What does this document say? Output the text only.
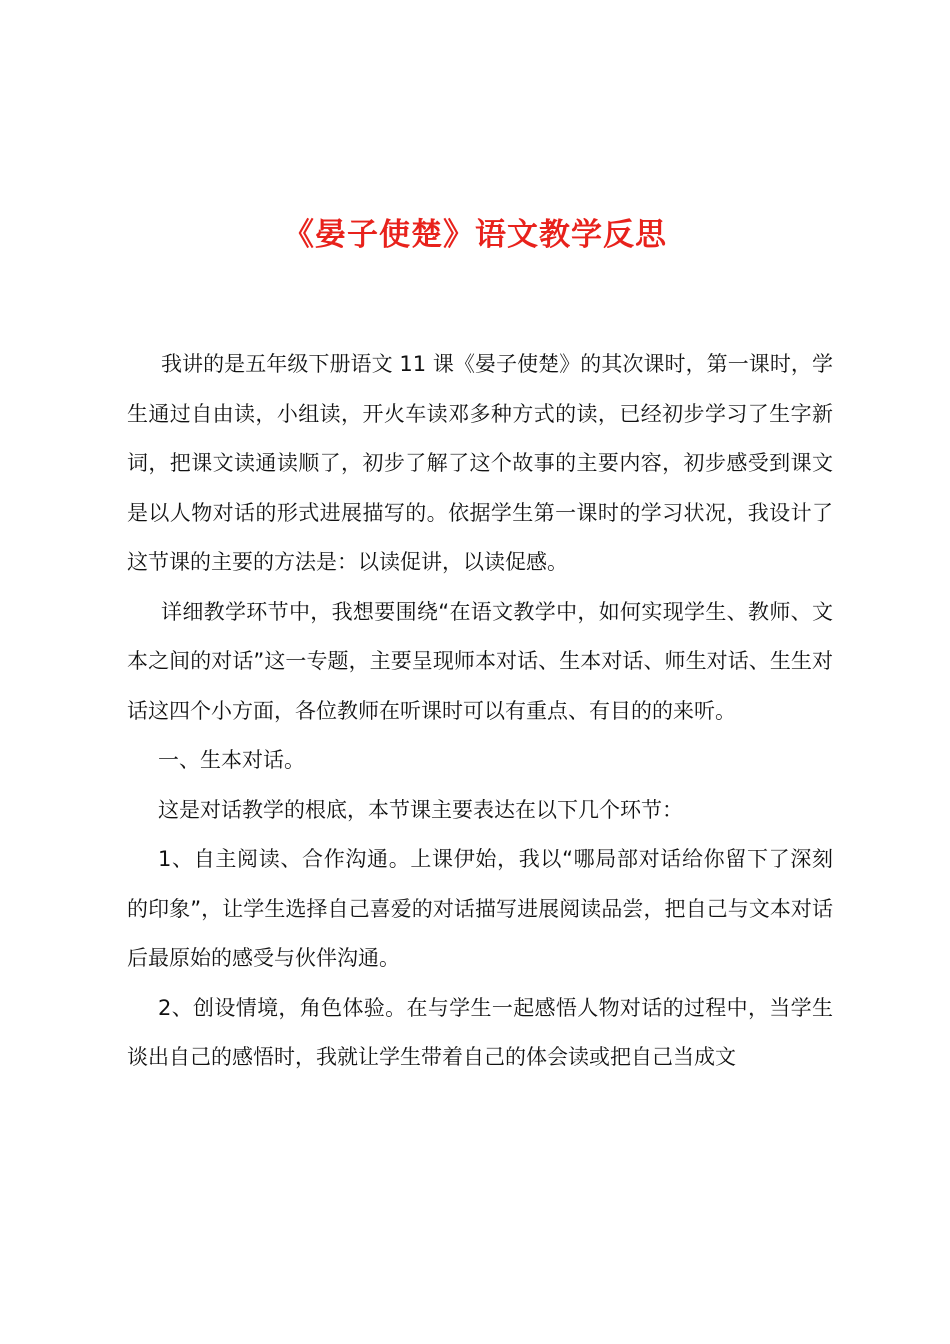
《晏子使楚》语文教学反思

我讲的是五年级下册语文 11 课《晏子使楚》的其次课时，第一课时，学生通过自由读，小组读，开火车读邓多种方式的读，已经初步学习了生字新词，把课文读通读顺了，初步了解了这个故事的主要内容，初步感受到课文是以人物对话的形式进展描写的。依据学生第一课时的学习状况，我设计了这节课的主要的方法是：以读促讲，以读促感。

详细教学环节中，我想要围绕“在语文教学中，如何实现学生、教师、文本之间的对话”这一专题，主要呈现师本对话、生本对话、师生对话、生生对话这四个小方面，各位教师在听课时可以有重点、有目的的来听。

一、生本对话。

这是对话教学的根底，本节课主要表达在以下几个环节：

1、自主阅读、合作沟通。上课伊始，我以“哪局部对话给你留下了深刻的印象”，让学生选择自己喜爱的对话描写进展阅读品尝，把自己与文本对话后最原始的感受与伙伴沟通。

2、创设情境，角色体验。在与学生一起感悟人物对话的过程中，当学生谈出自己的感悟时，我就让学生带着自己的体会读或把自己当成文
